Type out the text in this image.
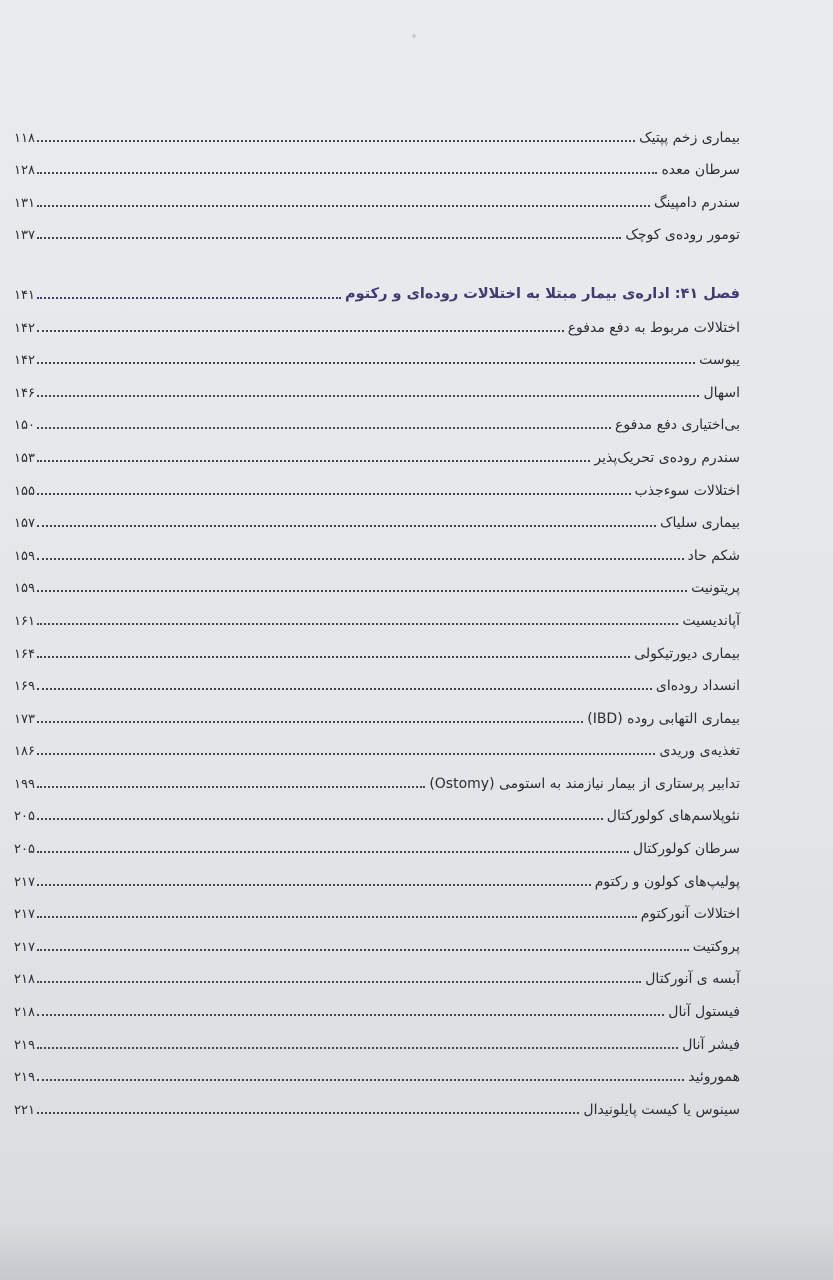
بیماری زخم پپتیک
۱۱۸
سرطان معده
۱۲۸
سندرم دامپینگ
۱۳۱
تومور روده‌ی کوچک
۱۳۷
فصل ۴۱: اداره‌ی بیمار مبتلا به اختلالات روده‌ای و رکتوم
۱۴۱
اختلالات مربوط به دفع مدفوع
۱۴۲
یبوست
۱۴۲
اسهال
۱۴۶
بی‌اختیاری دفع مدفوع
۱۵۰
سندرم روده‌ی تحریک‌پذیر
۱۵۳
اختلالات سوءجذب
۱۵۵
بیماری سلیاک
۱۵۷
شکم حاد
۱۵۹
پریتونیت
۱۵۹
آپاندیسیت
۱۶۱
بیماری دیورتیکولی
۱۶۴
انسداد روده‌ای
۱۶۹
بیماری التهابی روده (IBD)
۱۷۳
تغذیه‌ی وریدی
۱۸۶
تدابیر پرستاری از بیمار نیازمند به استومی (Ostomy)
۱۹۹
نئوپلاسم‌های کولورکتال
۲۰۵
سرطان کولورکتال
۲۰۵
پولیپ‌های کولون و رکتوم
۲۱۷
اختلالات آنورکتوم
۲۱۷
پروکتیت
۲۱۷
آبسه ی آنورکتال
۲۱۸
فیستول آنال
۲۱۸
فیشر آنال
۲۱۹
هموروئید
۲۱۹
سینوس یا کیست پایلونیدال
۲۲۱
